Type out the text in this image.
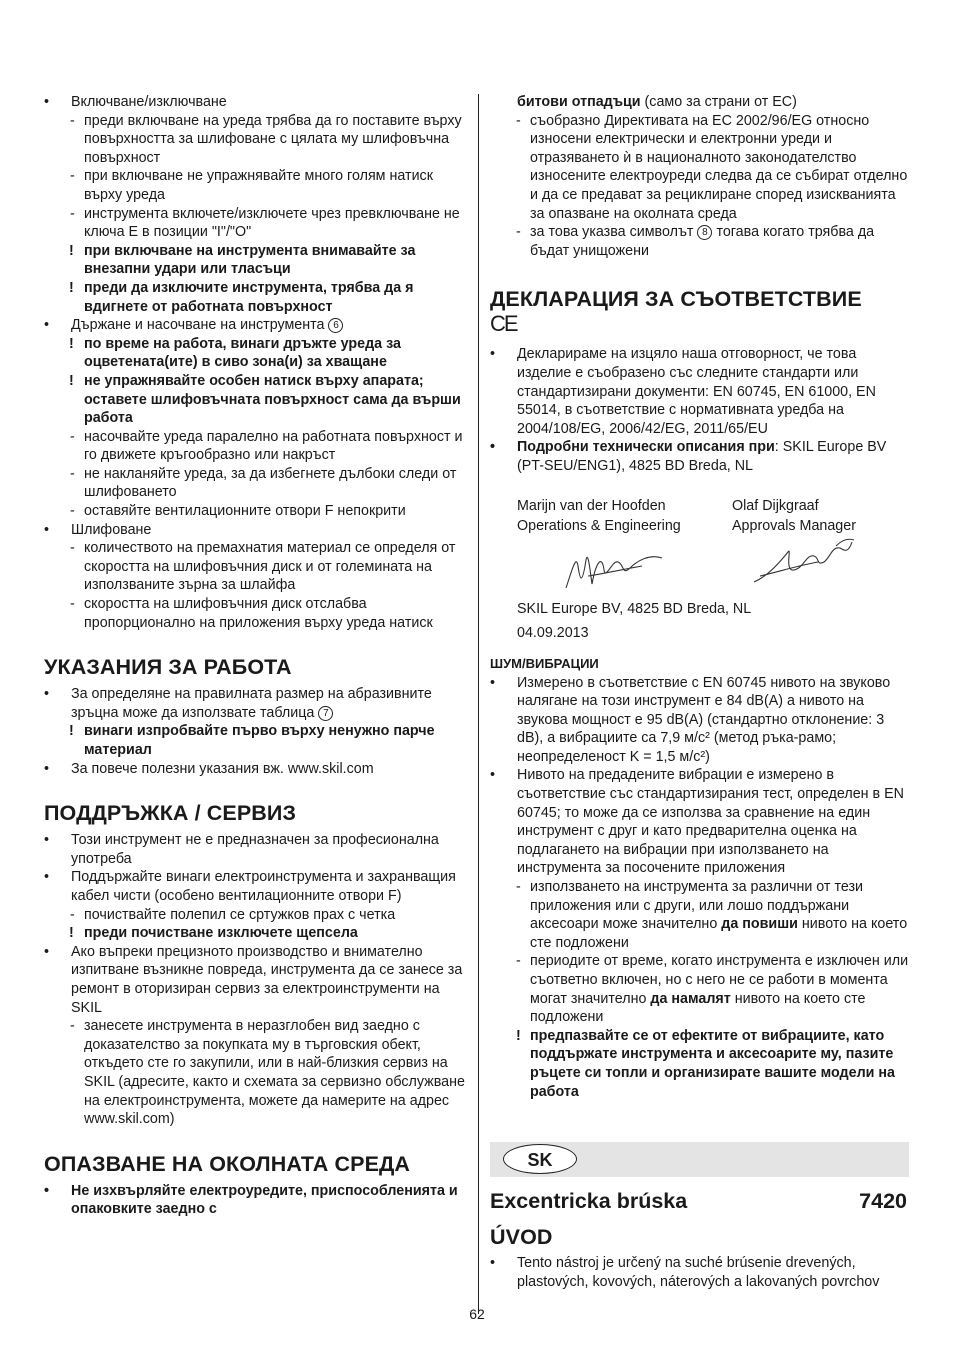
• Включване/изключване
- преди включване на уреда трябва да го поставите върху повърхността за шлифоване с цялата му шлифовъчна повърхност
- при включване не упражнявайте много голям натиск върху уреда
- инструмента включете/изключете чрез превключване не ключа E в позиции "I"/"O"
! при включване на инструмента внимавайте за внезапни удари или тласъци
! преди да изключите инструмента, трябва да я вдигнете от работната повърхност
• Държане и насочване на инструмента 6
! по време на работа, винаги дръжте уреда за оцветената(ите) в сиво зона(и) за хващане
! не упражнявайте особен натиск върху апарата; оставете шлифовъчната повърхност сама да върши работа
- насочвайте уреда паралелно на работната повърхност и го движете кръгообразно или накръст
- не накланяйте уреда, за да избегнете дълбоки следи от шлифоването
- оставяйте вентилационните отвори F непокрити
• Шлифоване
- количеството на премахнатия материал се определя от скоростта на шлифовъчния диск и от големината на използваните зърна за шлайфа
- скоростта на шлифовъчния диск отслабва пропорционално на приложения върху уреда натиск
УКАЗАНИЯ ЗА РАБОТА
• За определяне на правилната размер на абразивните зръцна може да използвате таблица 7
! винаги изпробвайте първо върху ненужно парче материал
• За повече полезни указания вж. www.skil.com
ПОДДРЪЖКА / СЕРВИЗ
• Този инструмент не е предназначен за професионална употреба
• Поддържайте винаги електроинструмента и захранващия кабел чисти (особено вентилационните отвори F)
- почиствайте полепил се сртужков прах с четка
! преди почистване изключете щепсела
• Ако въпреки прецизното производство и внимателно изпитване възникне повреда, инструмента да се занесе за ремонт в оторизиран сервиз за електроинструменти на SKIL
- занесете инструмента в неразглобен вид заедно с доказателство за покупката му в търговския обект, откъдето сте го закупили, или в най-близкия сервиз на SKIL (адресите, както и схемата за сервизно обслужване на електроинструмента, можете да намерите на адрес www.skil.com)
ОПАЗВАНЕ НА ОКОЛНАТА СРЕДА
• Не изхвърляйте електроуредите, приспособленията и опаковките заедно с
битови отпадъци (само за страни от ЕС)
- съобразно Директивата на ЕС 2002/96/EG относно износени електрически и електронни уреди и отразяването ѝ в националното законодателство износените електроуреди следва да се събират отделно и да се предават за рециклиране според изискванията за опазване на околната среда
- за това указва символът 8 тогава когато трябва да бъдат унищожени
ДЕКЛАРАЦИЯ ЗА СЪОТВЕТСТВИЕ
CE
• Декларираме на изцяло наша отговорност, че това изделие е съобразено със следните стандарти или стандартизирани документи: EN 60745, EN 61000, EN 55014, в съответствие с нормативната уредба на 2004/108/EG, 2006/42/EG, 2011/65/EU
• Подробни технически описания при: SKIL Europe BV (PT-SEU/ENG1), 4825 BD Breda, NL
Marijn van der Hoofden
Operations & Engineering
Olaf Dijkgraaf
Approvals Manager
SKIL Europe BV, 4825 BD Breda, NL
04.09.2013
ШУМ/ВИБРАЦИИ
• Измерено в съответствие с EN 60745 нивото на звуково налягане на този инструмент е 84 dB(A) а нивото на звукова мощност е 95 dB(A) (стандартно отклонение: 3 dB), а вибрациите са 7,9 м/с² (метод ръка-рамо; неопределеност K = 1,5 м/с²)
• Нивото на предадените вибрации е измерено в съответствие със стандартизирания тест, определен в EN 60745; то може да се използва за сравнение на един инструмент с друг и като предварителна оценка на подлагането на вибрации при използването на инструмента за посочените приложения
- използването на инструмента за различни от тези приложения или с други, или лошо поддържани аксесоари може значително да повиши нивото на което сте подложени
- периодите от време, когато инструмента е изключен или съответно включен, но с него не се работи в момента могат значително да намалят нивото на което сте подложени
! предпазвайте се от ефектите от вибрациите, като поддържате инструмента и аксесоарите му, пазите ръцете си топли и организирате вашите модели на работа
SK
Excentricka brúska	7420
ÚVOD
• Tento nástroj je určený na suché brúsenie drevených, plastových, kovových, náterových a lakovaných povrchov
62
